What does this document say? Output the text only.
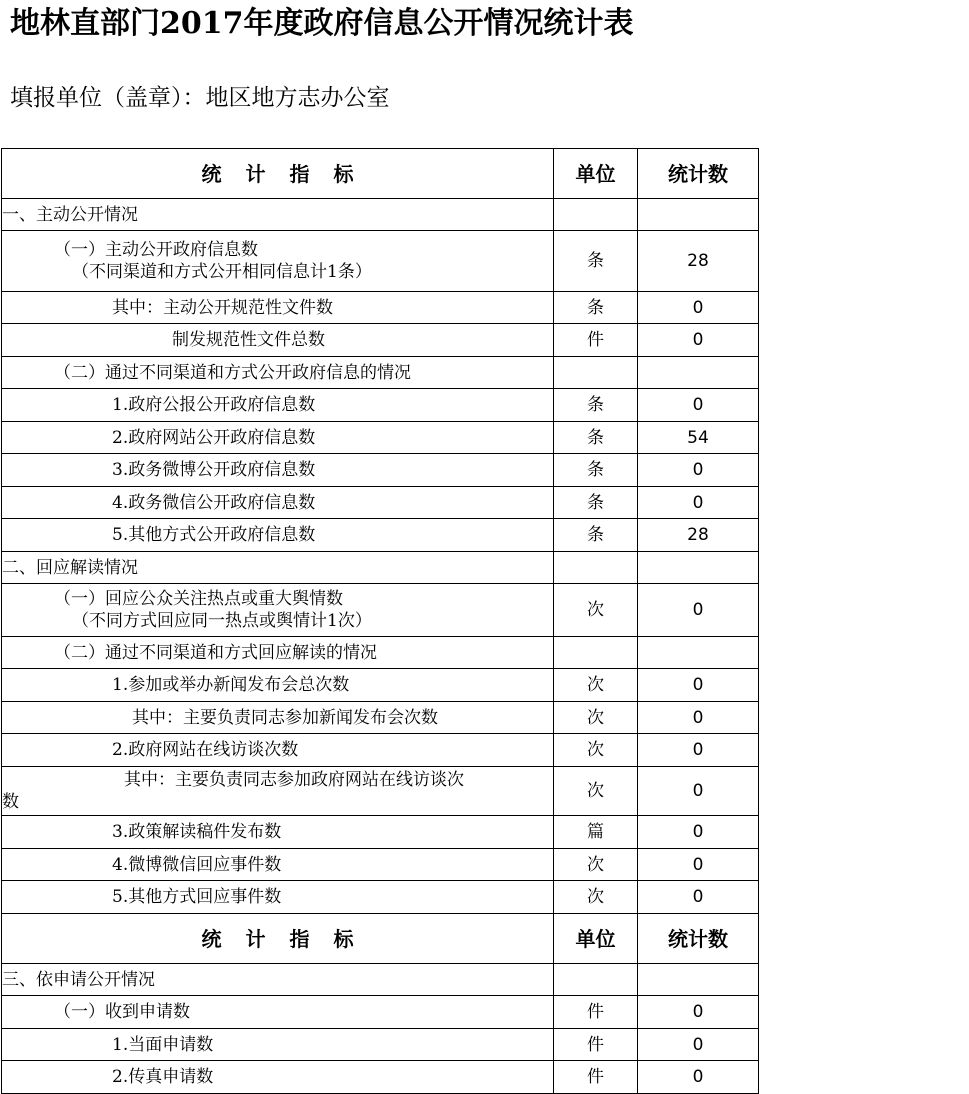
地林直部门2017年度政府信息公开情况统计表
填报单位（盖章）：地区地方志办公室
统计指标	单位	统计数
一、主动公开情况		

（一）主动公开政府信息数
（不同渠道和方式公开相同信息计1条）	条	28
其中：主动公开规范性文件数	条	0
制发规范性文件总数	件	0
（二）通过不同渠道和方式公开政府信息的情况		
1.政府公报公开政府信息数	条	0
2.政府网站公开政府信息数	条	54
3.政务微博公开政府信息数	条	0
4.政务微信公开政府信息数	条	0
5.其他方式公开政府信息数	条	28
二、回应解读情况		

（一）回应公众关注热点或重大舆情数
（不同方式回应同一热点或舆情计1次）	次	0
（二）通过不同渠道和方式回应解读的情况		
1.参加或举办新闻发布会总次数	次	0
其中：主要负责同志参加新闻发布会次数	次	0
2.政府网站在线访谈次数	次	0

其中：主要负责同志参加政府网站在线访谈次
数	次	0
3.政策解读稿件发布数	篇	0
4.微博微信回应事件数	次	0
5.其他方式回应事件数	次	0
统计指标	单位	统计数
三、依申请公开情况		
（一）收到申请数	件	0
1.当面申请数	件	0
2.传真申请数	件	0
